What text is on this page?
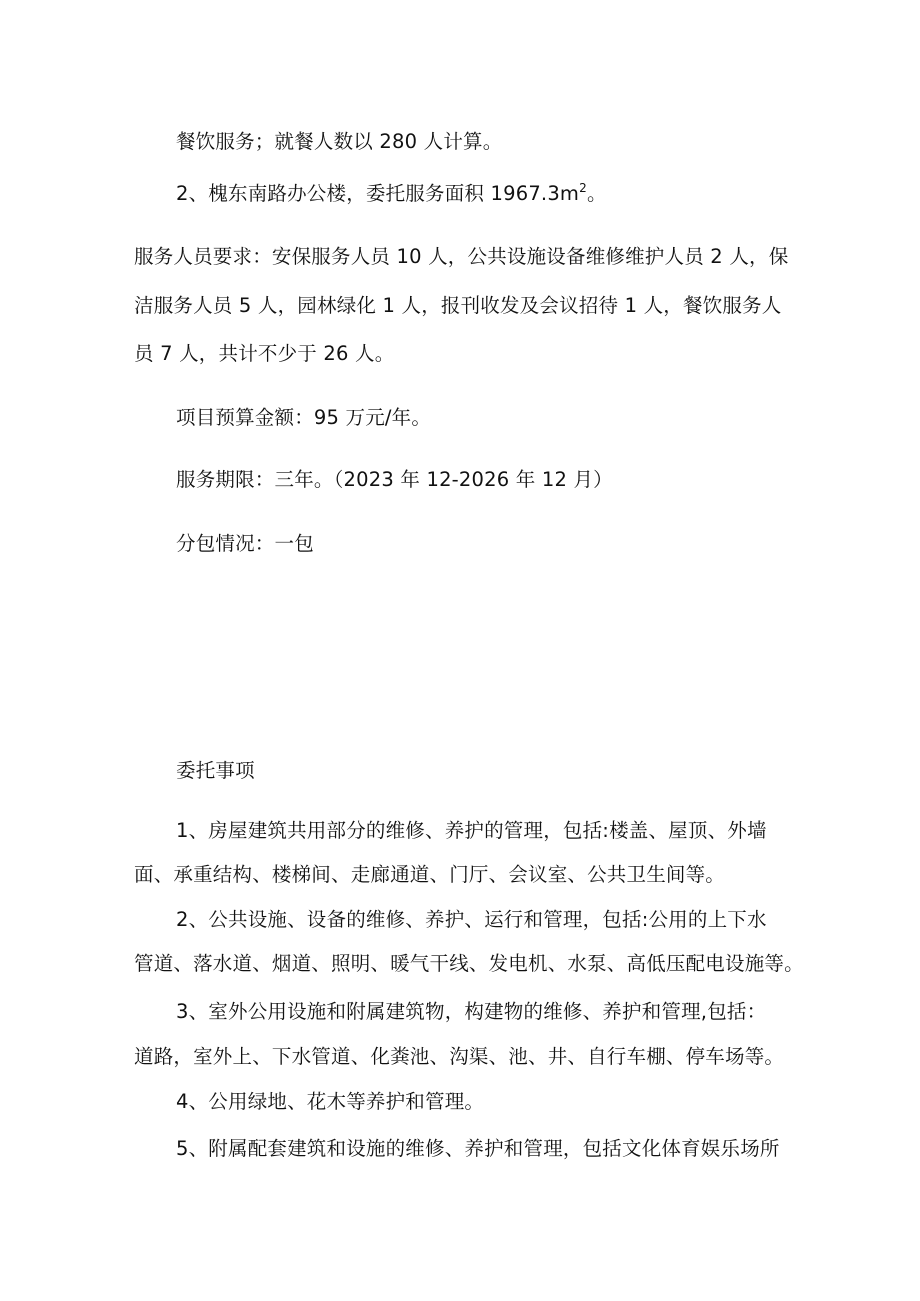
餐饮服务；就餐人数以 280 人计算。
2、槐东南路办公楼，委托服务面积 $1967.3m^2$。
服务人员要求：安保服务人员 10 人，公共设施设备维修维护人员 2 人，保
洁服务人员 5 人，园林绿化 1 人，报刊收发及会议招待 1 人，餐饮服务人
员 7 人，共计不少于 26 人。
项目预算金额：95 万元/年。
服务期限：三年。（2023 年 12-2026 年 12 月）
分包情况：一包
委托事项
1、房屋建筑共用部分的维修、养护的管理，包括:楼盖、屋顶、外墙
面、承重结构、楼梯间、走廊通道、门厅、会议室、公共卫生间等。
2、公共设施、设备的维修、养护、运行和管理，包括:公用的上下水
管道、落水道、烟道、照明、暖气干线、发电机、水泵、高低压配电设施等。
3、室外公用设施和附属建筑物，构建物的维修、养护和管理,包括：
道路，室外上、下水管道、化粪池、沟渠、池、井、自行车棚、停车场等。
4、公用绿地、花木等养护和管理。
5、附属配套建筑和设施的维修、养护和管理，包括文化体育娱乐场所
